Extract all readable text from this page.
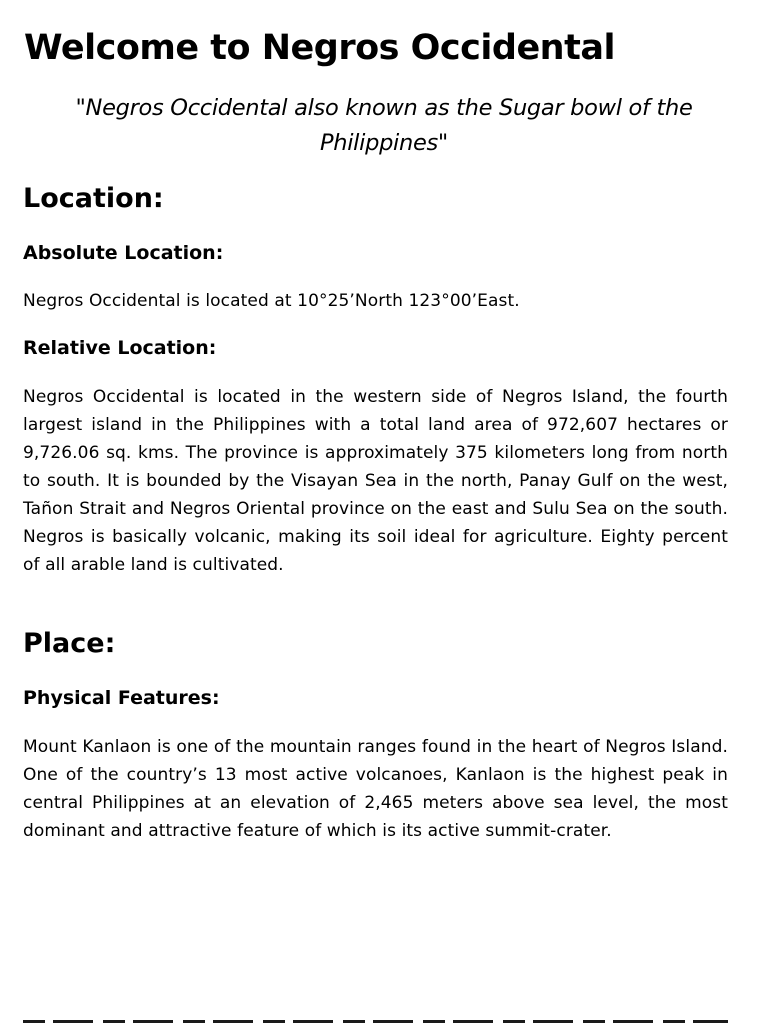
Welcome to Negros Occidental

"Negros Occidental also known as the Sugar bowl of the Philippines"

Location:
Absolute Location:

Negros Occidental is located at 10°25’North 123°00’East.

Relative Location:

Negros Occidental is located in the western side of Negros Island, the fourth largest island in the Philippines with a total land area of 972,607 hectares or 9,726.06 sq. kms. The province is approximately 375 kilometers long from north to south. It is bounded by the Visayan Sea in the north, Panay Gulf on the west, Tañon Strait and Negros Oriental province on the east and Sulu Sea on the south. Negros is basically volcanic, making its soil ideal for agriculture. Eighty percent of all arable land is cultivated.

Place:
Physical Features:

Mount Kanlaon is one of the mountain ranges found in the heart of Negros Island. One of the country’s 13 most active volcanoes, Kanlaon is the highest peak in central Philippines at an elevation of 2,465 meters above sea level, the most dominant and attractive feature of which is its active summit-crater.
